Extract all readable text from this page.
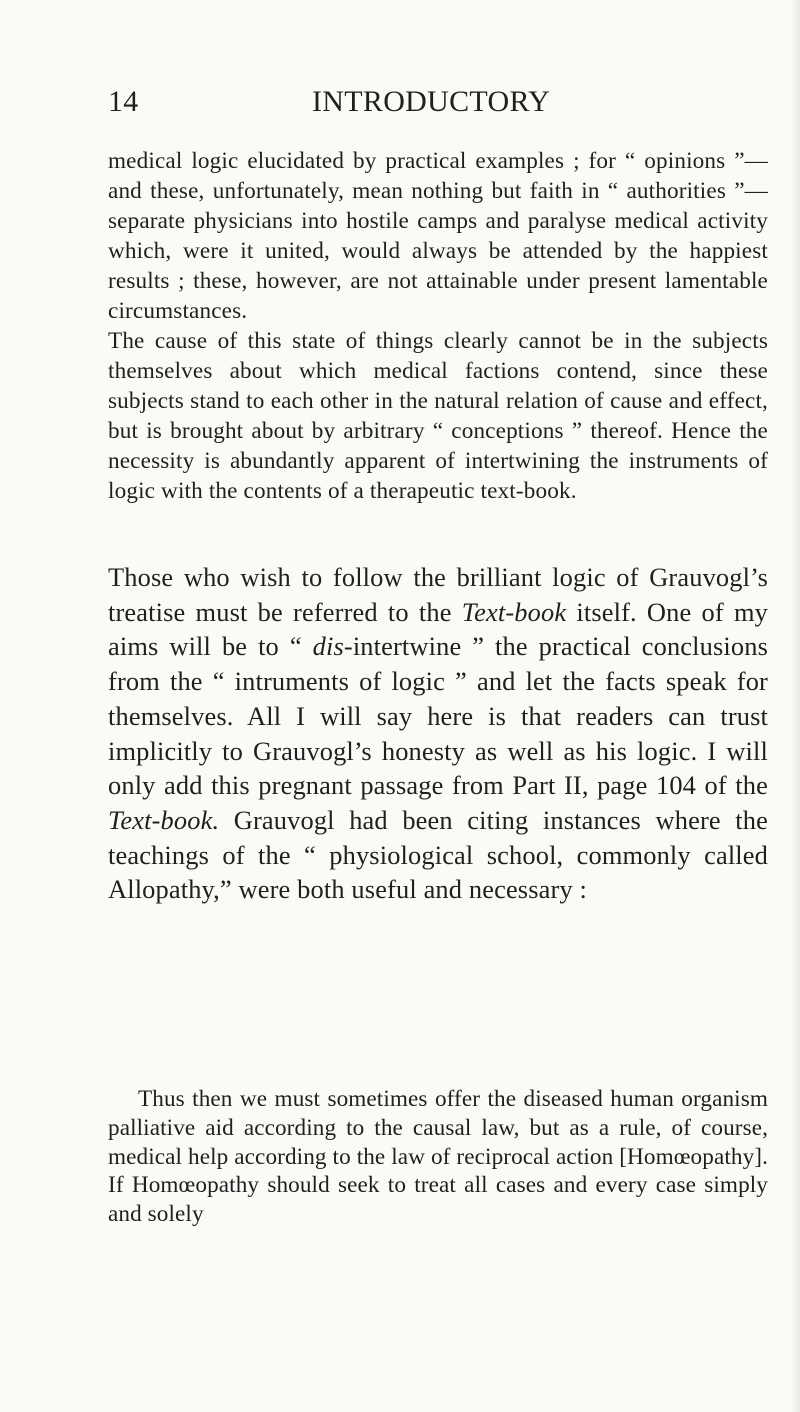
14	INTRODUCTORY

medical logic elucidated by practical examples ; for “ opinions ”—and these, unfortunately, mean nothing but faith in “ authorities ”— separate physicians into hostile camps and paralyse medical activity which, were it united, would always be attended by the happiest results ; these, however, are not attainable under present lamentable circumstances.

The cause of this state of things clearly cannot be in the subjects themselves about which medical factions contend, since these subjects stand to each other in the natural relation of cause and effect, but is brought about by arbitrary “ conceptions ” thereof. Hence the necessity is abundantly apparent of intertwining the instruments of logic with the contents of a therapeutic text-book.

Those who wish to follow the brilliant logic of Grauvogl’s treatise must be referred to the Text-book itself. One of my aims will be to “ dis-intertwine ” the practical conclusions from the “ intruments of logic ” and let the facts speak for themselves. All I will say here is that readers can trust implicitly to Grauvogl’s honesty as well as his logic. I will only add this pregnant passage from Part II, page 104 of the Text-book. Grauvogl had been citing instances where the teachings of the “ physiological school, commonly called Allopathy,” were both useful and necessary :

Thus then we must sometimes offer the diseased human organism palliative aid according to the causal law, but as a rule, of course, medical help according to the law of reciprocal action [Homœopathy]. If Homœopathy should seek to treat all cases and every case simply and solely
